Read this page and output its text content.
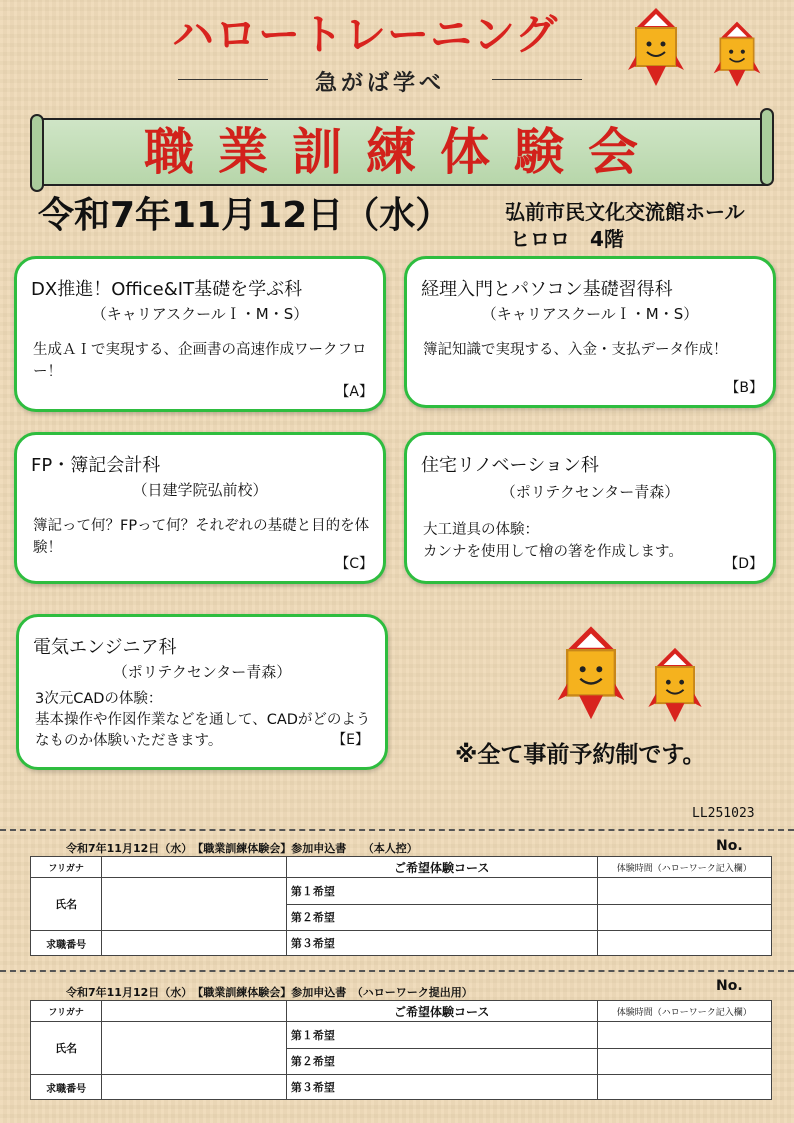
ハロートレーニング
急がば学べ
職業訓練体験会
令和7年11月12日（水）	弘前市民文化交流館ホール
ヒロロ　4階
DX推進！Office&IT基礎を学ぶ科
（キャリアスクールＩ・M・S）
生成ＡＩで実現する、企画書の高速作成ワークフロー！
【A】
経理入門とパソコン基礎習得科
（キャリアスクールＩ・M・S）
簿記知識で実現する、入金・支払データ作成！
【B】
FP・簿記会計科
（日建学院弘前校）
簿記って何？FPって何？それぞれの基礎と目的を体験！
【C】
住宅リノベーション科
（ポリテクセンター青森）
大工道具の体験：
カンナを使用して檜の箸を作成します。
【D】
電気エンジニア科
（ポリテクセンター青森）
3次元CADの体験：
基本操作や作図作業などを通して、CADがどのようなものか体験いただきます。	【E】
※全て事前予約制です。
LL251023
令和7年11月12日（水）　【職業訓練体験会】参加申込書　　（本人控）	No.
フリガナ		ご希望体験コース	体験時間（ハローワーク記入欄）
氏名		第１希望	
		第２希望	
求職番号		第３希望	
令和7年11月12日（水）　【職業訓練体験会】参加申込書　（ハローワーク提出用）	No.
フリガナ		ご希望体験コース	体験時間（ハローワーク記入欄）
氏名		第１希望	
		第２希望	
求職番号		第３希望	
